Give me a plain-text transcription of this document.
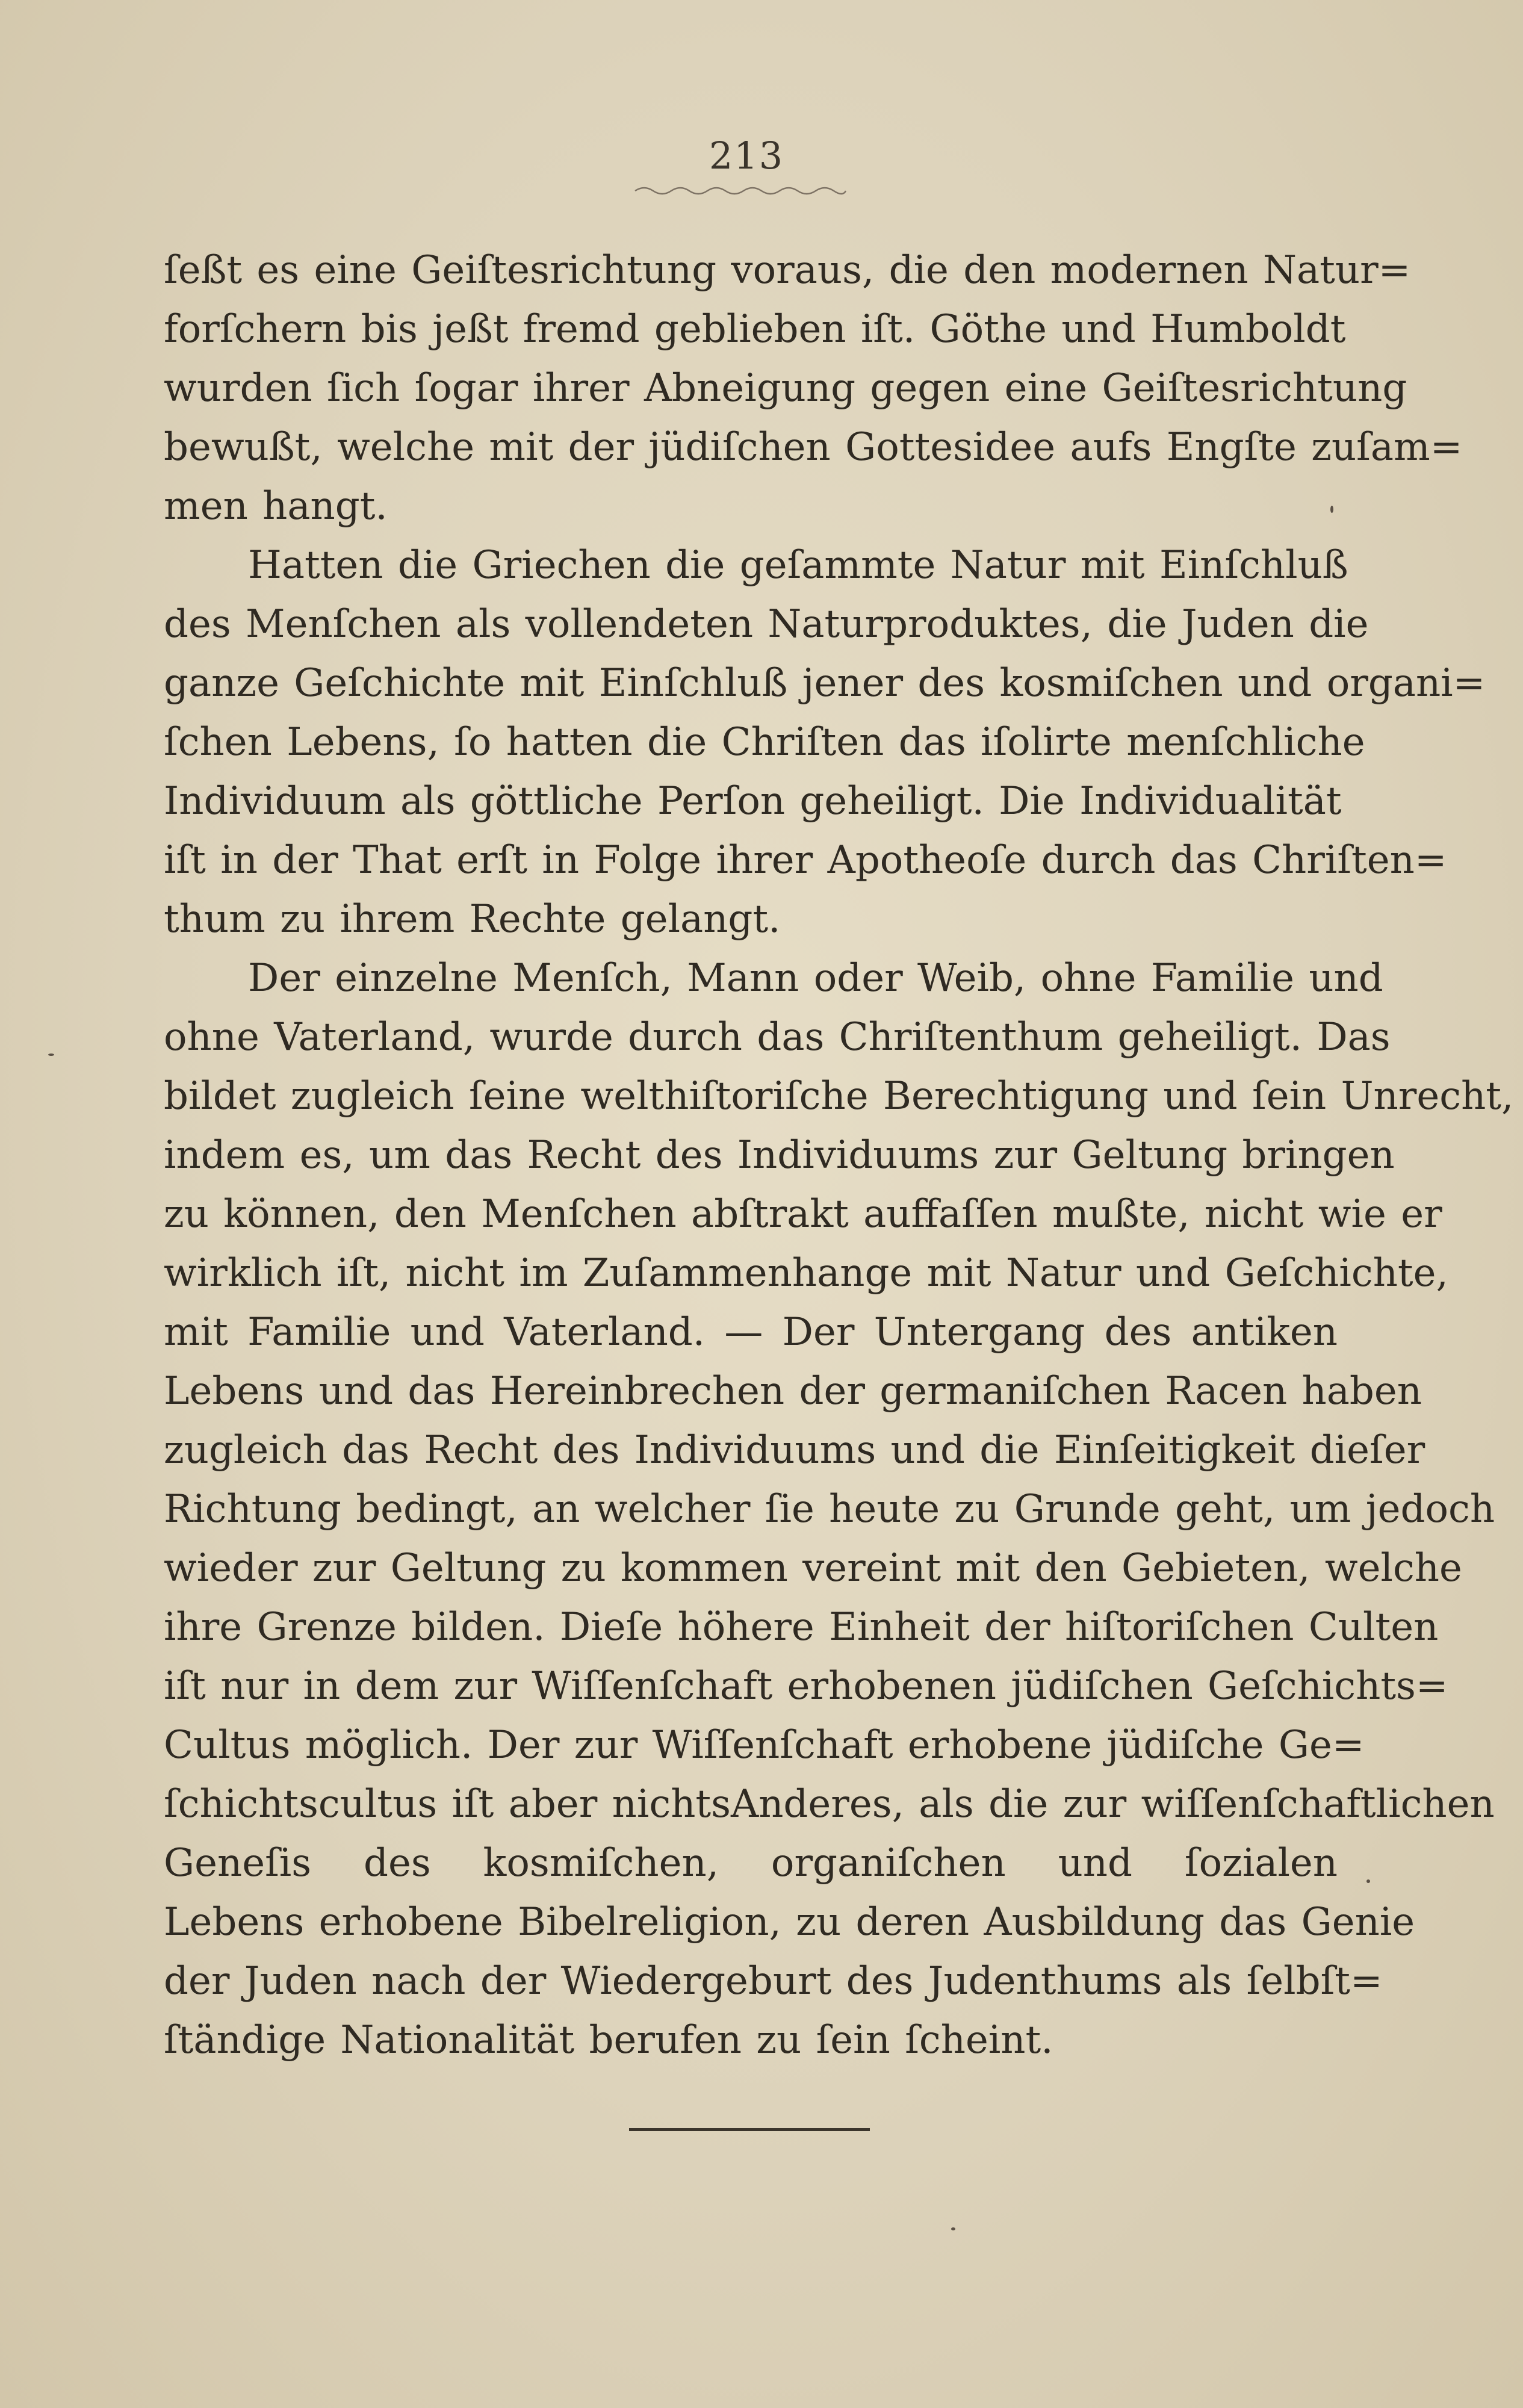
213
ſeßt es eine Geiſtesrichtung voraus, die den modernen Natur=
forſchern bis jeßt fremd geblieben iſt. Göthe und Humboldt
wurden ſich ſogar ihrer Abneigung gegen eine Geiſtesrichtung
bewußt, welche mit der jüdiſchen Gottesidee aufs Engſte zuſam=
men hangt.
Hatten die Griechen die geſammte Natur mit Einſchluß
des Menſchen als vollendeten Naturproduktes, die Juden die
ganze Geſchichte mit Einſchluß jener des kosmiſchen und organi=
ſchen Lebens, ſo hatten die Chriſten das iſolirte menſchliche
Individuum als göttliche Perſon geheiligt. Die Individualität
iſt in der That erſt in Folge ihrer Apotheoſe durch das Chriſten=
thum zu ihrem Rechte gelangt.
Der einzelne Menſch, Mann oder Weib, ohne Familie und
ohne Vaterland, wurde durch das Chriſtenthum geheiligt. Das
bildet zugleich ſeine welthiſtoriſche Berechtigung und ſein Unrecht,
indem es, um das Recht des Individuums zur Geltung bringen
zu können, den Menſchen abſtrakt auffaſſen mußte, nicht wie er
wirklich iſt, nicht im Zuſammenhange mit Natur und Geſchichte,
mit Familie und Vaterland. — Der Untergang des antiken
Lebens und das Hereinbrechen der germaniſchen Racen haben
zugleich das Recht des Individuums und die Einſeitigkeit dieſer
Richtung bedingt, an welcher ſie heute zu Grunde geht, um jedoch
wieder zur Geltung zu kommen vereint mit den Gebieten, welche
ihre Grenze bilden. Dieſe höhere Einheit der hiſtoriſchen Culten
iſt nur in dem zur Wiſſenſchaft erhobenen jüdiſchen Geſchichts=
Cultus möglich. Der zur Wiſſenſchaft erhobene jüdiſche Ge=
ſchichtscultus iſt aber nichtsAnderes, als die zur wiſſenſchaftlichen
Geneſis des kosmiſchen, organiſchen und ſozialen
Lebens erhobene Bibelreligion, zu deren Ausbildung das Genie
der Juden nach der Wiedergeburt des Judenthums als ſelbſt=
ſtändige Nationalität berufen zu ſein ſcheint.
